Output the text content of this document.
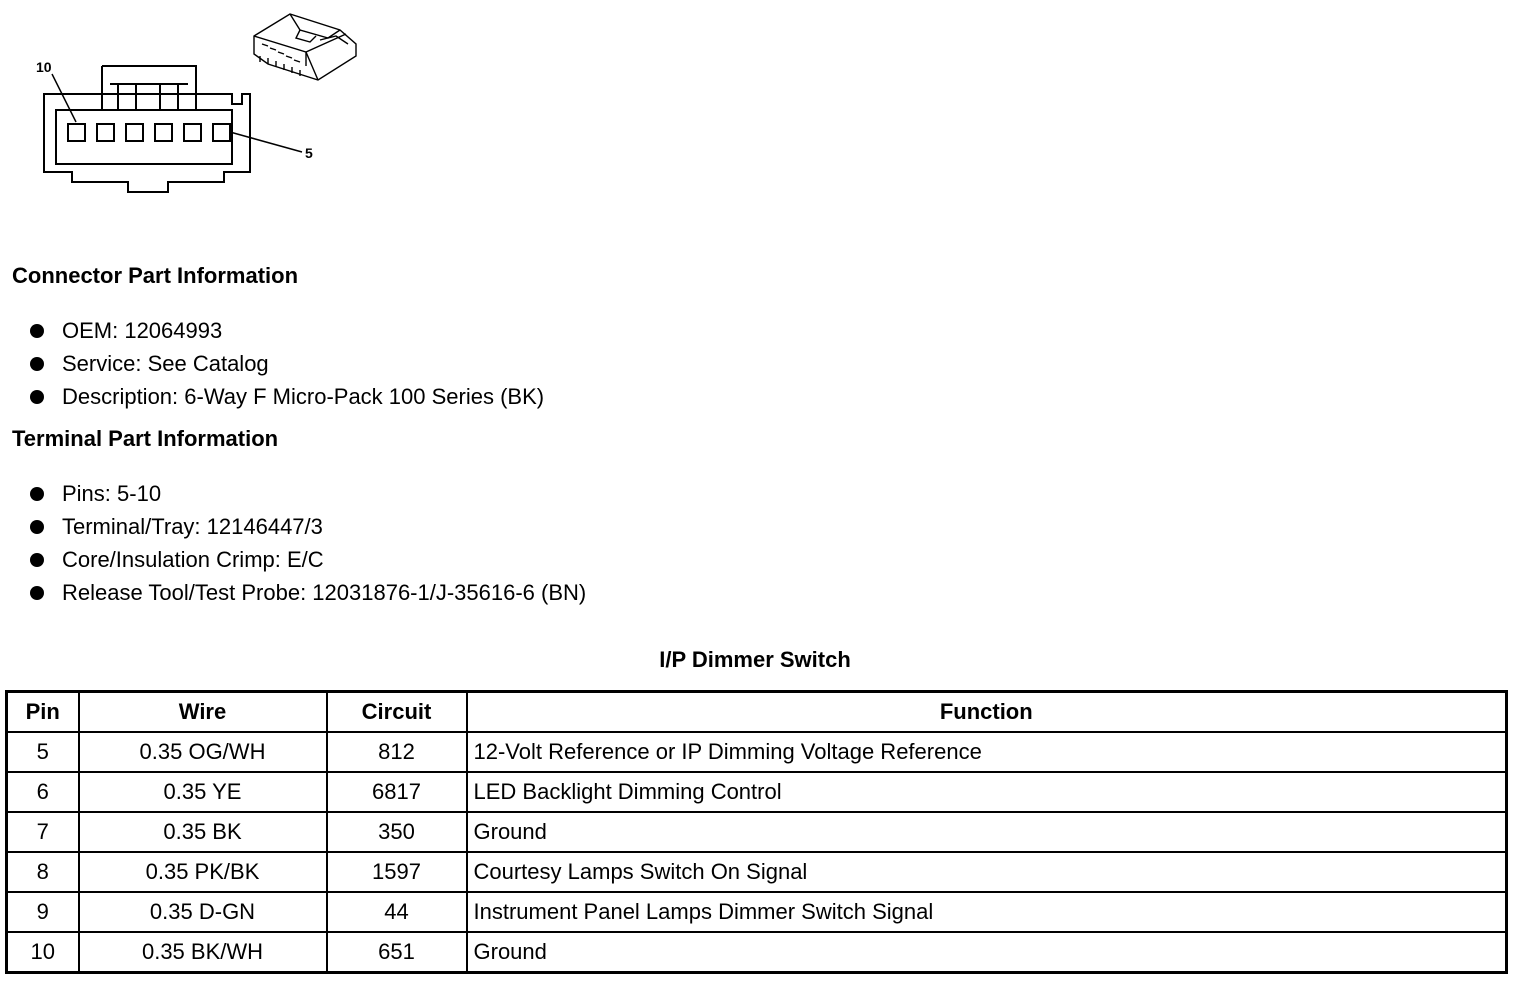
10
5
Connector Part Information
OEM: 12064993
Service: See Catalog
Description: 6-Way F Micro-Pack 100 Series (BK)
Terminal Part Information
Pins: 5-10
Terminal/Tray: 12146447/3
Core/Insulation Crimp: E/C
Release Tool/Test Probe: 12031876-1/J-35616-6 (BN)
I/P Dimmer Switch
Pin	Wire	Circuit	Function
5	0.35 OG/WH	812	12-Volt Reference or IP Dimming Voltage Reference
6	0.35 YE	6817	LED Backlight Dimming Control
7	0.35 BK	350	Ground
8	0.35 PK/BK	1597	Courtesy Lamps Switch On Signal
9	0.35 D-GN	44	Instrument Panel Lamps Dimmer Switch Signal
10	0.35 BK/WH	651	Ground
